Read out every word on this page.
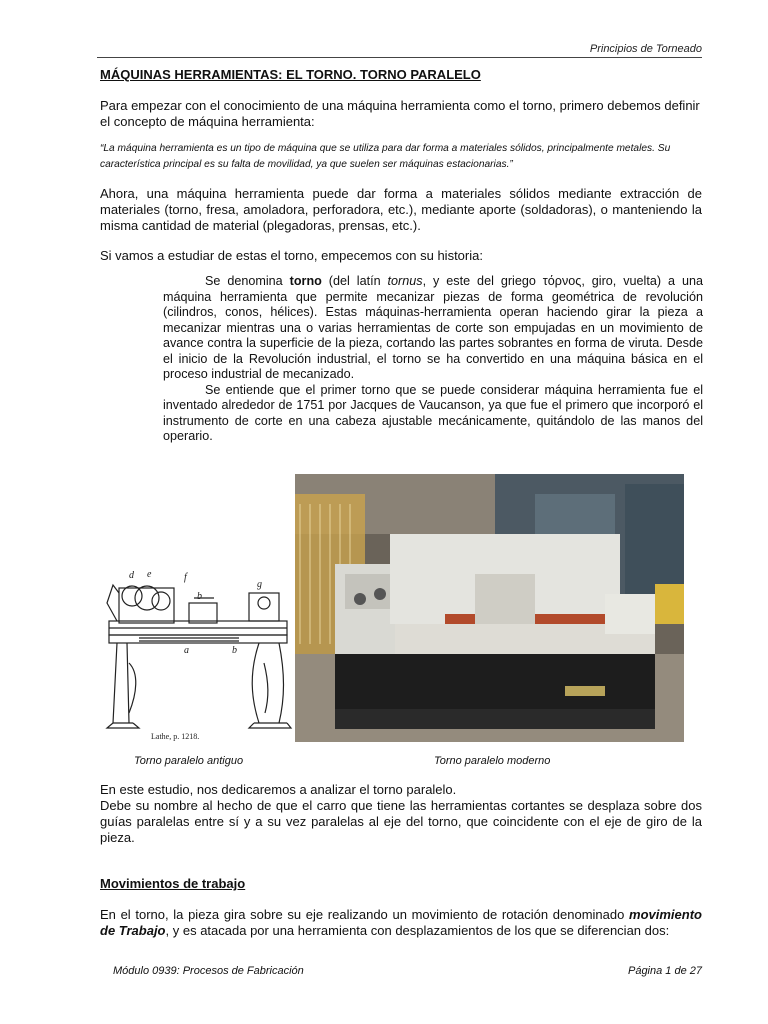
Principios de Torneado
MÁQUINAS HERRAMIENTAS: EL TORNO. TORNO PARALELO
Para empezar con el conocimiento de una máquina herramienta como el torno, primero debemos definir el concepto de máquina herramienta:
“La máquina herramienta es un tipo de máquina que se utiliza para dar forma a materiales sólidos, principalmente metales. Su característica principal es su falta de movilidad, ya que suelen ser máquinas estacionarias.”
Ahora, una máquina herramienta puede dar forma a materiales sólidos mediante extracción de materiales (torno, fresa, amoladora, perforadora, etc.), mediante aporte (soldadoras), o manteniendo la misma cantidad de material (plegadoras, prensas, etc.).
Si vamos a estudiar de estas el torno, empecemos con su historia:

Se denomina torno (del latín tornus, y este del griego τόρνος, giro, vuelta) a una máquina herramienta que permite mecanizar piezas de forma geométrica de revolución (cilindros, conos, hélices). Estas máquinas-herramienta operan haciendo girar la pieza a mecanizar mientras una o varias herramientas de corte son empujadas en un movimiento de avance contra la superficie de la pieza, cortando las partes sobrantes en forma de viruta. Desde el inicio de la Revolución industrial, el torno se ha convertido en una máquina básica en el proceso industrial de mecanizado.

Se entiende que el primer torno que se puede considerar máquina herramienta fue el inventado alrededor de 1751 por Jacques de Vaucanson, ya que fue el primero que incorporó el instrumento de corte en una cabeza ajustable mecánicamente, quitándolo de las manos del operario.

d e	f
b
g
a	b
Lathe, p. 1218.
Torno paralelo antiguo	Torno paralelo moderno
En este estudio, nos dedicaremos a analizar el torno paralelo.
Debe su nombre al hecho de que el carro que tiene las herramientas cortantes se desplaza sobre dos guías paralelas entre sí y a su vez paralelas al eje del torno, que coincidente con el eje de giro de la pieza.
Movimientos de trabajo
En el torno, la pieza gira sobre su eje realizando un movimiento de rotación denominado movimiento de Trabajo, y es atacada por una herramienta con desplazamientos de los que se diferencian dos:
Módulo 0939: Procesos de Fabricación	Página 1 de 27
